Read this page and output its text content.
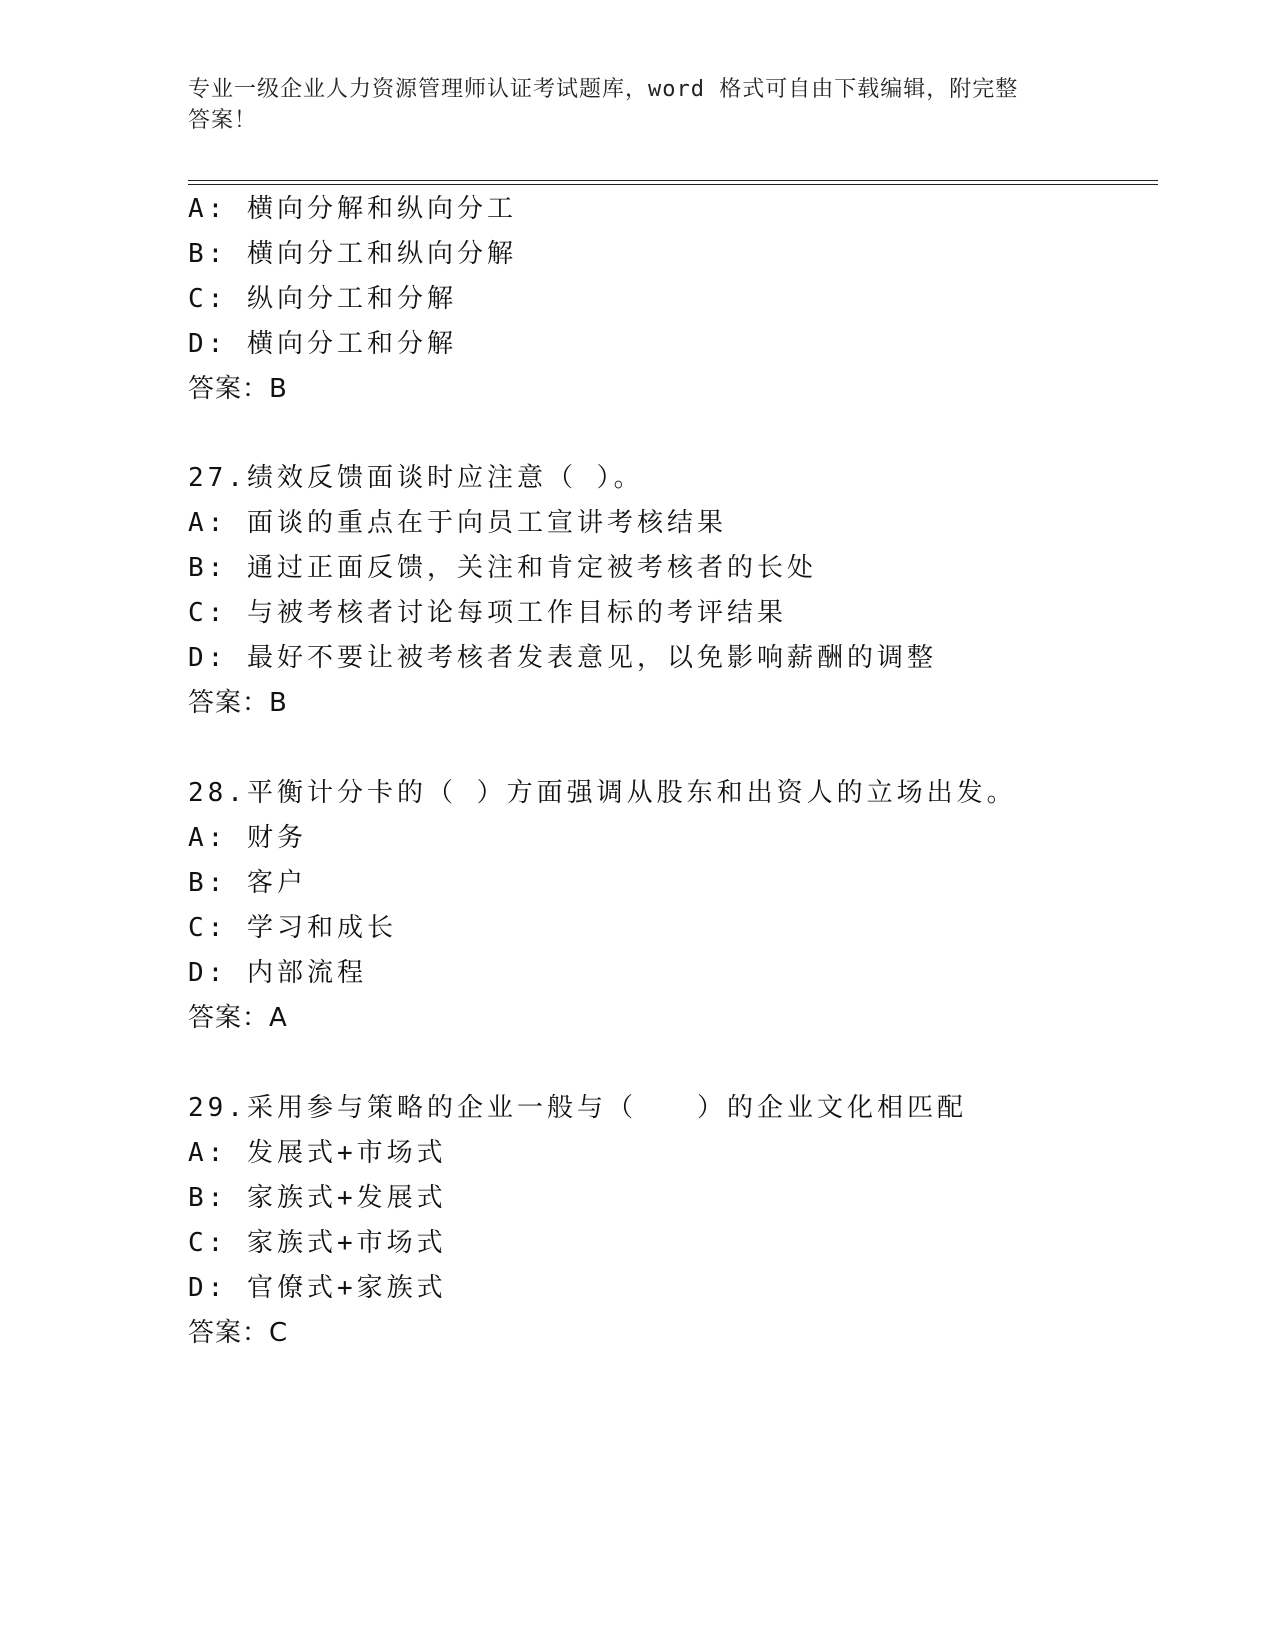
专业一级企业人力资源管理师认证考试题库，word 格式可自由下载编辑，附完整
答案！
A: 横向分解和纵向分工
B: 横向分工和纵向分解
C: 纵向分工和分解
D: 横向分工和分解
答案：B
27.绩效反馈面谈时应注意（ ）。
A: 面谈的重点在于向员工宣讲考核结果
B: 通过正面反馈，关注和肯定被考核者的长处
C: 与被考核者讨论每项工作目标的考评结果
D: 最好不要让被考核者发表意见，以免影响薪酬的调整
答案：B
28.平衡计分卡的（ ）方面强调从股东和出资人的立场出发。
A: 财务
B: 客户
C: 学习和成长
D: 内部流程
答案：A
29.采用参与策略的企业一般与（　　）的企业文化相匹配
A: 发展式+市场式
B: 家族式+发展式
C: 家族式+市场式
D: 官僚式+家族式
答案：C
